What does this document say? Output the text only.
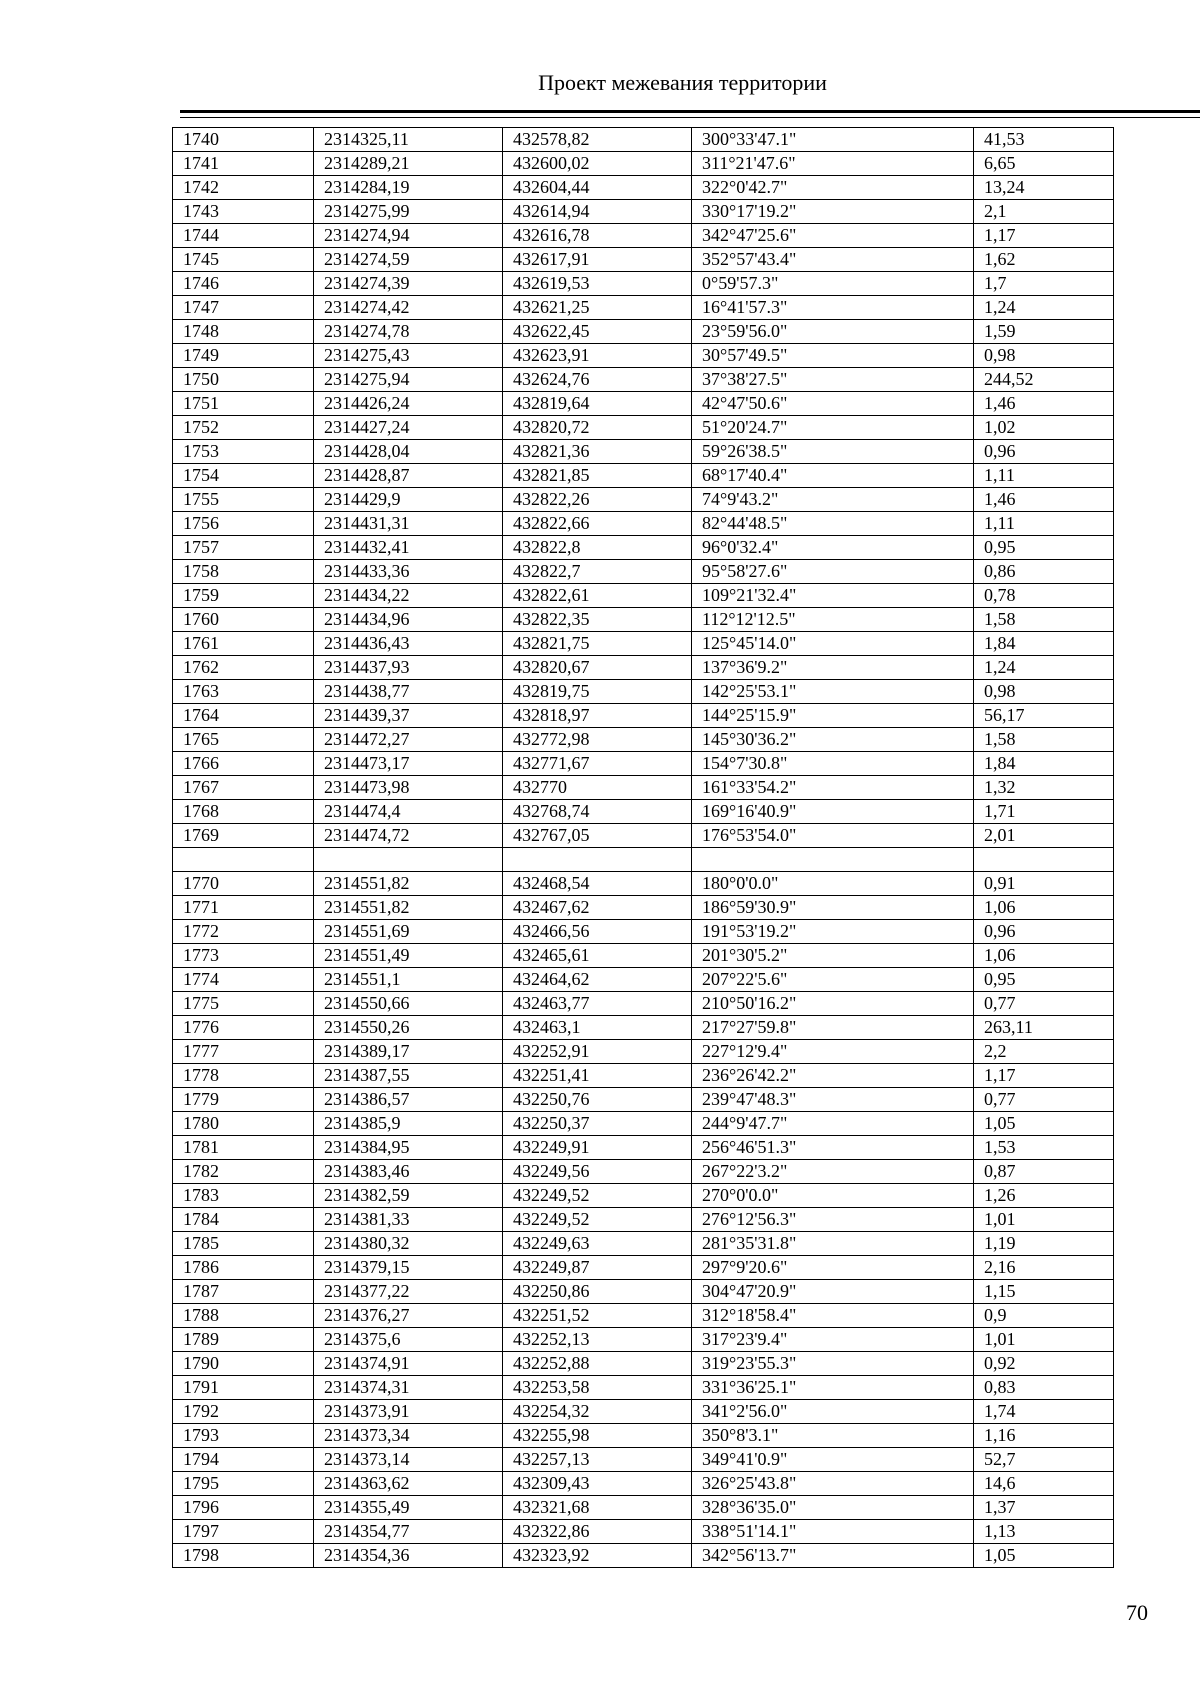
Проект межевания территории
1740	2314325,11	432578,82	300°33'47.1"	41,53
1741	2314289,21	432600,02	311°21'47.6"	6,65
1742	2314284,19	432604,44	322°0'42.7"	13,24
1743	2314275,99	432614,94	330°17'19.2"	2,1
1744	2314274,94	432616,78	342°47'25.6"	1,17
1745	2314274,59	432617,91	352°57'43.4"	1,62
1746	2314274,39	432619,53	0°59'57.3"	1,7
1747	2314274,42	432621,25	16°41'57.3"	1,24
1748	2314274,78	432622,45	23°59'56.0"	1,59
1749	2314275,43	432623,91	30°57'49.5"	0,98
1750	2314275,94	432624,76	37°38'27.5"	244,52
1751	2314426,24	432819,64	42°47'50.6"	1,46
1752	2314427,24	432820,72	51°20'24.7"	1,02
1753	2314428,04	432821,36	59°26'38.5"	0,96
1754	2314428,87	432821,85	68°17'40.4"	1,11
1755	2314429,9	432822,26	74°9'43.2"	1,46
1756	2314431,31	432822,66	82°44'48.5"	1,11
1757	2314432,41	432822,8	96°0'32.4"	0,95
1758	2314433,36	432822,7	95°58'27.6"	0,86
1759	2314434,22	432822,61	109°21'32.4"	0,78
1760	2314434,96	432822,35	112°12'12.5"	1,58
1761	2314436,43	432821,75	125°45'14.0"	1,84
1762	2314437,93	432820,67	137°36'9.2"	1,24
1763	2314438,77	432819,75	142°25'53.1"	0,98
1764	2314439,37	432818,97	144°25'15.9"	56,17
1765	2314472,27	432772,98	145°30'36.2"	1,58
1766	2314473,17	432771,67	154°7'30.8"	1,84
1767	2314473,98	432770	161°33'54.2"	1,32
1768	2314474,4	432768,74	169°16'40.9"	1,71
1769	2314474,72	432767,05	176°53'54.0"	2,01

1770	2314551,82	432468,54	180°0'0.0"	0,91
1771	2314551,82	432467,62	186°59'30.9"	1,06
1772	2314551,69	432466,56	191°53'19.2"	0,96
1773	2314551,49	432465,61	201°30'5.2"	1,06
1774	2314551,1	432464,62	207°22'5.6"	0,95
1775	2314550,66	432463,77	210°50'16.2"	0,77
1776	2314550,26	432463,1	217°27'59.8"	263,11
1777	2314389,17	432252,91	227°12'9.4"	2,2
1778	2314387,55	432251,41	236°26'42.2"	1,17
1779	2314386,57	432250,76	239°47'48.3"	0,77
1780	2314385,9	432250,37	244°9'47.7"	1,05
1781	2314384,95	432249,91	256°46'51.3"	1,53
1782	2314383,46	432249,56	267°22'3.2"	0,87
1783	2314382,59	432249,52	270°0'0.0"	1,26
1784	2314381,33	432249,52	276°12'56.3"	1,01
1785	2314380,32	432249,63	281°35'31.8"	1,19
1786	2314379,15	432249,87	297°9'20.6"	2,16
1787	2314377,22	432250,86	304°47'20.9"	1,15
1788	2314376,27	432251,52	312°18'58.4"	0,9
1789	2314375,6	432252,13	317°23'9.4"	1,01
1790	2314374,91	432252,88	319°23'55.3"	0,92
1791	2314374,31	432253,58	331°36'25.1"	0,83
1792	2314373,91	432254,32	341°2'56.0"	1,74
1793	2314373,34	432255,98	350°8'3.1"	1,16
1794	2314373,14	432257,13	349°41'0.9"	52,7
1795	2314363,62	432309,43	326°25'43.8"	14,6
1796	2314355,49	432321,68	328°36'35.0"	1,37
1797	2314354,77	432322,86	338°51'14.1"	1,13
1798	2314354,36	432323,92	342°56'13.7"	1,05
70
